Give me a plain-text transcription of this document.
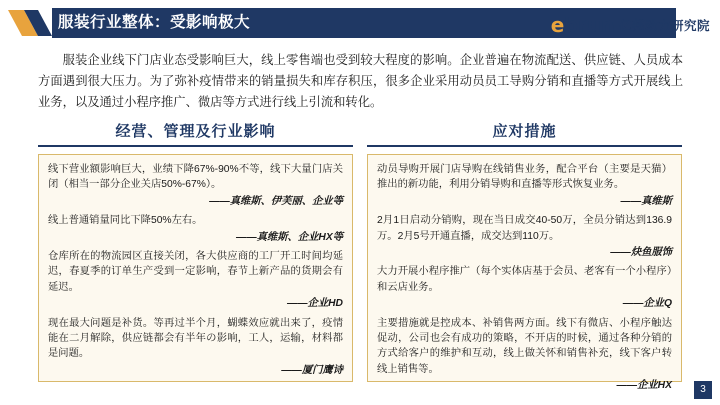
服装行业整体：受影响极大	ebrun 亿邦动力研究院
服装企业线下门店业态受影响巨大，线上零售端也受到较大程度的影响。企业普遍在物流配送、供应链、人员成本方面遇到很大压力。为了弥补疫情带来的销量损失和库存积压，很多企业采用动员员工导购分销和直播等方式开展线上业务，以及通过小程序推广、微店等方式进行线上引流和转化。
经营、管理及行业影响

线下营业额影响巨大，业绩下降67%-90%不等，线下大量门店关闭（相当一部分企业关店50%-67%）。

——真维斯、伊芙丽、企业等

线上普通销量同比下降50%左右。

——真维斯、企业HX等

仓库所在的物流园区直接关闭，各大供应商的工厂开工时间均延迟，春夏季的订单生产受到一定影响，春节上新产品的货期会有延迟。

——企业HD

现在最大问题是补货。等再过半个月，蝴蝶效应就出来了，疫情能在二月解除，供应链都会有半年の影响，工人，运输，材料都是问题。

——厦门鹰诗

应对措施

动员导购开展门店导购在线销售业务，配合平台（主要是天猫）推出的新功能，利用分销导购和直播等形式恢复业务。

——真维斯

2月1日启动分销购，现在当日成交40-50万，全员分销达到136.9万。2月5号开通直播，成交达到110万。

——炔鱼服饰

大力开展小程序推广（每个实体店基于会员、老客有一个小程序）和云店业务。

——企业Q

主要措施就是控成本、补销售两方面。线下有微店、小程序触达促动，公司也会有成功的策略，不开店的时候，通过各种分销的方式给客户的维护和互动，线上做关怀和销售补充，线下客户转线上销售等。

——企业HX	3
